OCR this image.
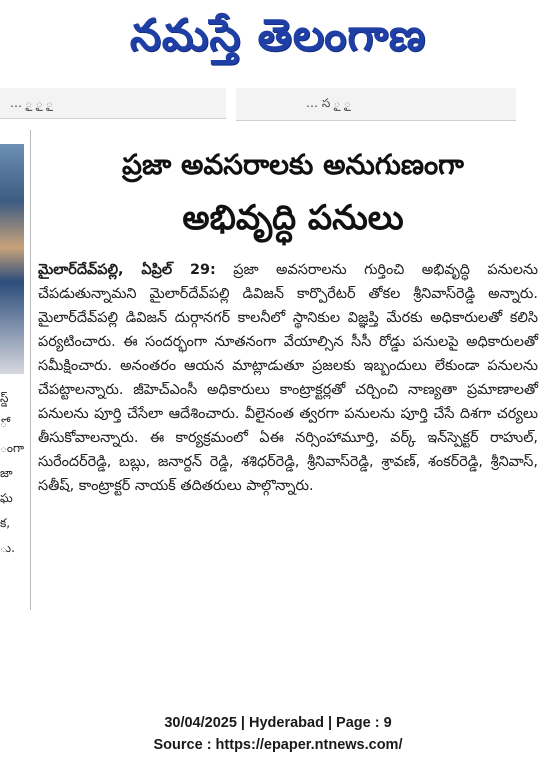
నమస్తే తెలంగాణ
… ౖ ౖ ౖ	… స ౖ ౖ
స్డ్
ో
ంగా
జా
ఘ
క,
ు.
ప్రజా అవసరాలకు అనుగుణంగా
అభివృద్ధి పనులు

మైలార్‌దేవ్‌పల్లి, ఏప్రిల్ 29: ప్రజా అవసరాలను గుర్తించి అభివృద్ధి పనులను చేపడుతున్నామని మైలార్‌దేవ్‌పల్లి డివిజన్ కార్పొరేటర్ తోకల శ్రీనివాస్‌రెడ్డి అన్నారు. మైలార్‌దేవ్‌పల్లి డివిజన్ దుర్గానగర్ కాలనీలో స్థానికుల విజ్ఞప్తి మేరకు అధికారులతో కలిసి పర్యటించారు. ఈ సందర్భంగా నూతనంగా వేయాల్సిన సీసీ రోడ్డు పనులపై అధికారులతో సమీక్షించారు. అనంతరం ఆయన మాట్లాడుతూ ప్రజలకు ఇబ్బందులు లేకుండా పనులను చేపట్టాలన్నారు. జీహెచ్‌ఎంసీ అధికారులు కాంట్రాక్టర్లతో చర్చించి నాణ్యతా ప్రమాణాలతో పనులను పూర్తి చేసేలా ఆదేశించారు. వీలైనంత త్వరగా పనులను పూర్తి చేసే దిశగా చర్యలు తీసుకోవాలన్నారు. ఈ కార్యక్రమంలో ఏఈ నర్సింహామూర్తి, వర్క్ ఇన్‌స్పెక్టర్ రాహుల్, సురేందర్‌రెడ్డి, బబ్లు, జనార్దన్ రెడ్డి, శశిధర్‌రెడ్డి, శ్రీనివాస్‌రెడ్డి, శ్రావణ్, శంకర్‌రెడ్డి, శ్రీనివాస్, సతీష్, కాంట్రాక్టర్ నాయక్ తదితరులు పాల్గొన్నారు.

30/04/2025 | Hyderabad | Page : 9
Source : https://epaper.ntnews.com/
